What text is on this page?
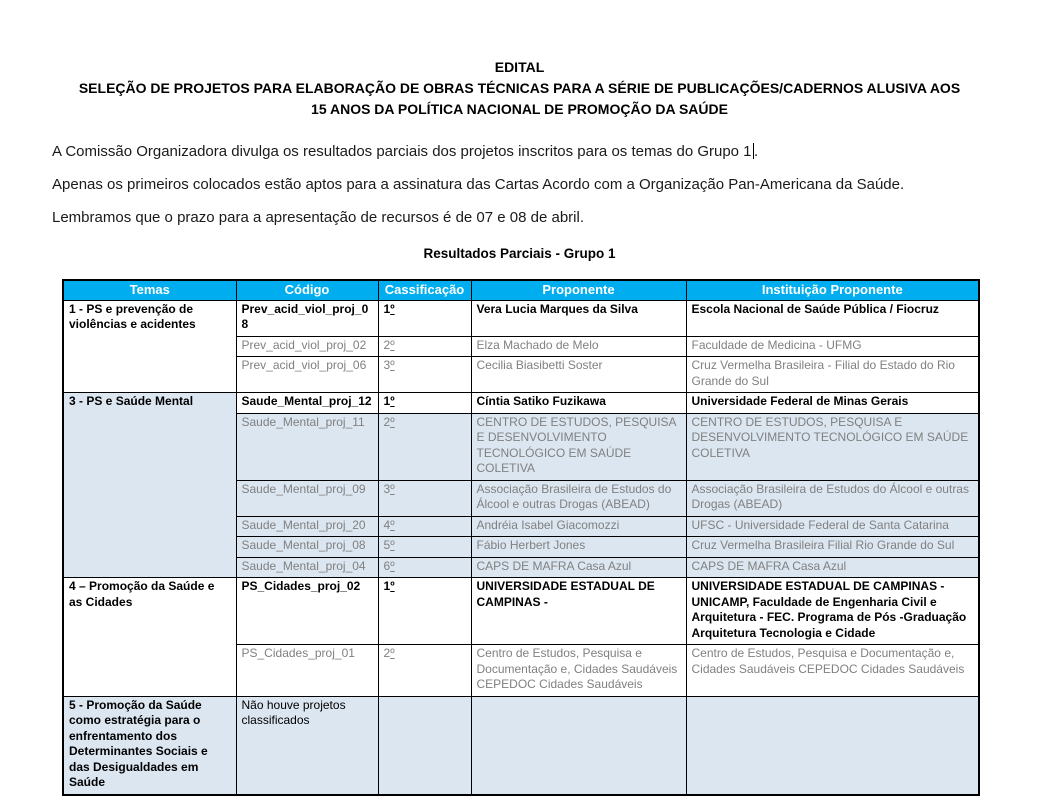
EDITAL
SELEÇÃO DE PROJETOS PARA ELABORAÇÃO DE OBRAS TÉCNICAS PARA A SÉRIE DE PUBLICAÇÕES/CADERNOS ALUSIVA AOS
15 ANOS DA POLÍTICA NACIONAL DE PROMOÇÃO DA SAÚDE

A Comissão Organizadora divulga os resultados parciais dos projetos inscritos para os temas do Grupo 1 .

Apenas os primeiros colocados estão aptos para a assinatura das Cartas Acordo com a Organização Pan-Americana da Saúde.

Lembramos que o prazo para a apresentação de recursos é de 07 e 08 de abril.

Resultados Parciais - Grupo 1
Temas	Código	Cassificação	Proponente	Instituição Proponente
1 - PS e prevenção de violências e acidentes	Prev_acid_viol_proj_08	1º	Vera Lucia Marques da Silva	Escola Nacional de Saúde Pública / Fiocruz
	Prev_acid_viol_proj_02	2º	Elza Machado de Melo	Faculdade de Medicina - UFMG
	Prev_acid_viol_proj_06	3º	Cecilia Biasibetti Soster	Cruz Vermelha Brasileira - Filial do Estado do Rio Grande do Sul
3 - PS e Saúde Mental	Saude_Mental_proj_12	1º	Cíntia Satiko Fuzikawa	Universidade Federal de Minas Gerais
	Saude_Mental_proj_11	2º	CENTRO DE ESTUDOS, PESQUISA E DESENVOLVIMENTO TECNOLÓGICO EM SAÚDE COLETIVA	CENTRO DE ESTUDOS, PESQUISA E DESENVOLVIMENTO TECNOLÓGICO EM SAÚDE COLETIVA
	Saude_Mental_proj_09	3º	Associação Brasileira de Estudos do Álcool e outras Drogas (ABEAD)	Associação Brasileira de Estudos do Álcool e outras Drogas (ABEAD)
	Saude_Mental_proj_20	4º	Andréia Isabel Giacomozzi	UFSC - Universidade Federal de Santa Catarina
	Saude_Mental_proj_08	5º	Fábio Herbert Jones	Cruz Vermelha Brasileira Filial Rio Grande do Sul
	Saude_Mental_proj_04	6º	CAPS DE MAFRA Casa Azul	CAPS DE MAFRA Casa Azul
4 – Promoção da Saúde e as Cidades	PS_Cidades_proj_02	1º	UNIVERSIDADE ESTADUAL DE CAMPINAS -	UNIVERSIDADE ESTADUAL DE CAMPINAS - UNICAMP, Faculdade de Engenharia Civil e Arquitetura - FEC. Programa de Pós -Graduação Arquitetura Tecnologia e Cidade
	PS_Cidades_proj_01	2º	Centro de Estudos, Pesquisa e Documentação e, Cidades Saudáveis CEPEDOC Cidades Saudáveis	Centro de Estudos, Pesquisa e Documentação e, Cidades Saudáveis CEPEDOC Cidades Saudáveis
5 - Promoção da Saúde como estratégia para o enfrentamento dos Determinantes Sociais e das Desigualdades em Saúde	Não houve projetos classificados			
